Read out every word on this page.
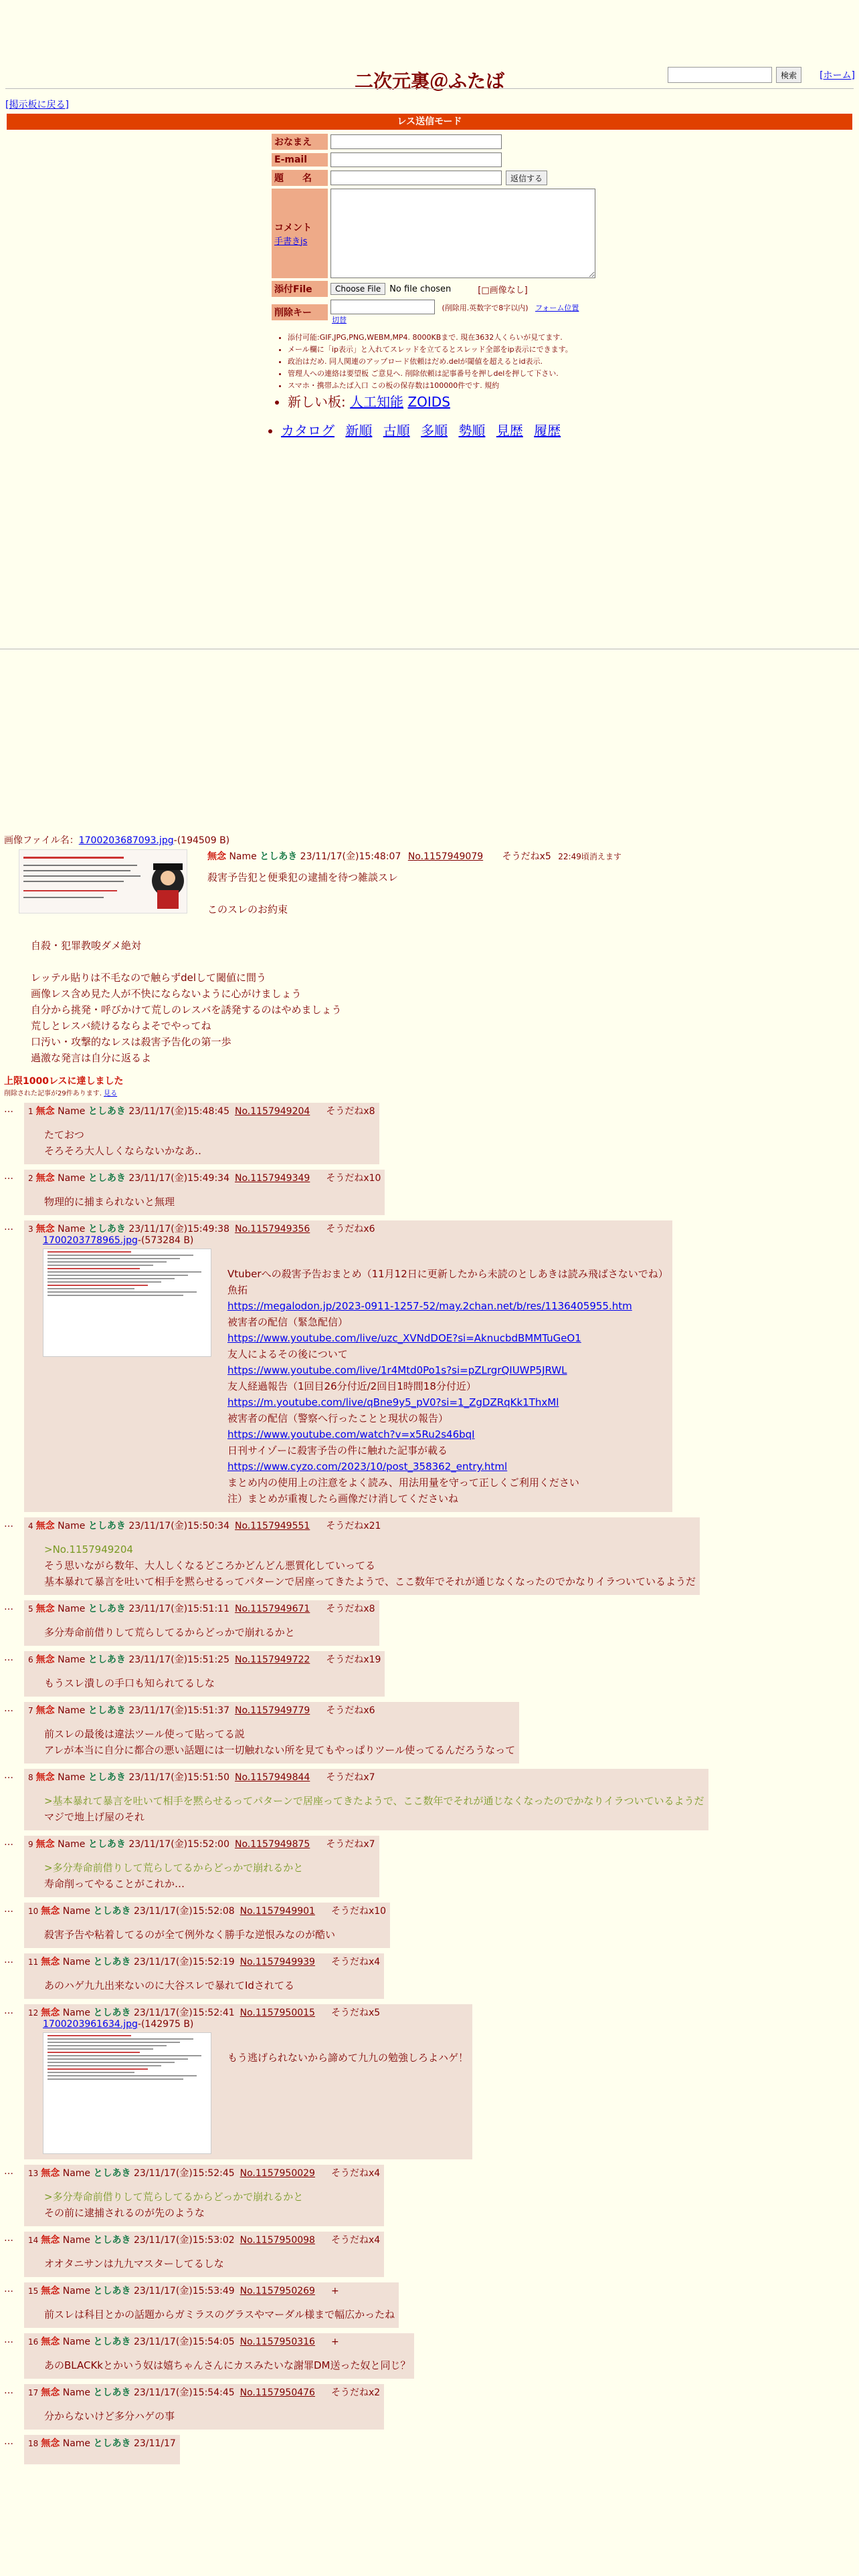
二次元裏＠ふたば	検索	[ホーム]
[掲示板に戻る]
レス送信モード
おなまえ
E-mail
題　　名	返信する
コメント
手書きjs
添付File	Choose File	No file chosen	[□画像なし]
削除キー	(削除用.英数字で8字以内) フォーム位置
切替
• 添付可能:GIF,JPG,PNG,WEBM,MP4. 8000KBまで. 現在3632人くらいが見てます.
• メール欄に「ip表示」と入れてスレッドを立てるとスレッド全部をip表示にできます。
• 政治はだめ. 同人関連のアップロード依頼はだめ.delが閾値を超えるとid表示.
• 管理人への連絡は要望板 ご意見へ. 削除依頼は記事番号を押しdelを押して下さい.
• スマホ・携帯ふたば入口 この板の保存数は100000件です. 規約
• 新しい板: 人工知能 ZOIDS
• カタログ 新順 古順 多順 勢順 見歴 履歴
画像ファイル名：1700203687093.jpg-(194509 B)
無念 Name としあき 23/11/17(金)15:48:07 No.1157949079 そうだねx5 22:49頃消えます
殺害予告犯と便乗犯の逮捕を待つ雑談スレ
このスレのお約束
自殺・犯罪教唆ダメ絶対
レッテル貼りは不毛なので触らずdelして閾値に間う
画像レス含め見た人が不快にならないように心がけましょう
自分から挑発・呼びかけて荒しのレスバを誘発するのはやめましょう
荒しとレスバ続けるならよそでやってね
口汚い・攻撃的なレスは殺害予告化の第一歩
過激な発言は自分に返るよ
上限1000レスに達しました
削除された記事が29件あります. 見る
…	1 無念 Name としあき 23/11/17(金)15:48:45 No.1157949204 そうだねx8
たておつ
そろそろ大人しくならないかなあ‥
…	2 無念 Name としあき 23/11/17(金)15:49:34 No.1157949349 そうだねx10
物理的に捕まられないと無理
…	3 無念 Name としあき 23/11/17(金)15:49:38 No.1157949356 そうだねx6
1700203778965.jpg-(573284 B)
Vtuberへの殺害予告おまとめ（11月12日に更新したから未読のとしあきは読み飛ばさないでね）
魚拓
https://megalodon.jp/2023-0911-1257-52/may.2chan.net/b/res/1136405955.htm
被害者の配信（緊急配信）
https://www.youtube.com/live/uzc_XVNdDOE?si=AknucbdBMMTuGeO1
友人によるその後について
https://www.youtube.com/live/1r4Mtd0Po1s?si=pZLrgrQIUWP5JRWL
友人経過報告（1回目26分付近/2回目1時間18分付近）
https://m.youtube.com/live/qBne9y5_pV0?si=1_ZgDZRqKk1ThxMl
被害者の配信（警察へ行ったことと現状の報告）
https://www.youtube.com/watch?v=x5Ru2s46bqI
日刊サイゾーに殺害予告の件に触れた記事が載る
https://www.cyzo.com/2023/10/post_358362_entry.html
まとめ内の使用上の注意をよく読み、用法用量を守って正しくご利用ください
注）まとめが重複したら画像だけ消してくださいね
…	4 無念 Name としあき 23/11/17(金)15:50:34 No.1157949551 そうだねx21
>No.1157949204
そう思いながら数年、大人しくなるどころかどんどん悪質化していってる
基本暴れて暴言を吐いて相手を黙らせるってパターンで居座ってきたようで、ここ数年でそれが通じなくなったのでかなりイラついているようだ
…	5 無念 Name としあき 23/11/17(金)15:51:11 No.1157949671 そうだねx8
多分寿命前借りして荒らしてるからどっかで崩れるかと
…	6 無念 Name としあき 23/11/17(金)15:51:25 No.1157949722 そうだねx19
もうスレ潰しの手口も知られてるしな
…	7 無念 Name としあき 23/11/17(金)15:51:37 No.1157949779 そうだねx6
前スレの最後は違法ツール使って貼ってる説
アレが本当に自分に都合の悪い話題には一切触れない所を見てもやっぱりツール使ってるんだろうなって
…	8 無念 Name としあき 23/11/17(金)15:51:50 No.1157949844 そうだねx7
>基本暴れて暴言を吐いて相手を黙らせるってパターンで居座ってきたようで、ここ数年でそれが通じなくなったのでかなりイラついているようだ
マジで地上げ屋のそれ
…	9 無念 Name としあき 23/11/17(金)15:52:00 No.1157949875 そうだねx7
>多分寿命前借りして荒らしてるからどっかで崩れるかと
寿命削ってやることがこれか…
…	10 無念 Name としあき 23/11/17(金)15:52:08 No.1157949901 そうだねx10
殺害予告や粘着してるのが全て例外なく勝手な逆恨みなのが酷い
…	11 無念 Name としあき 23/11/17(金)15:52:19 No.1157949939 そうだねx4
あのハゲ九九出来ないのに大谷スレで暴れてIdされてる
…	12 無念 Name としあき 23/11/17(金)15:52:41 No.1157950015 そうだねx5
1700203961634.jpg-(142975 B)
もう逃げられないから諦めて九九の勉強しろよハゲ！
…	13 無念 Name としあき 23/11/17(金)15:52:45 No.1157950029 そうだねx4
>多分寿命前借りして荒らしてるからどっかで崩れるかと
その前に逮捕されるのが先のような
…	14 無念 Name としあき 23/11/17(金)15:53:02 No.1157950098 そうだねx4
オオタニサンは九九マスターしてるしな
…	15 無念 Name としあき 23/11/17(金)15:53:49 No.1157950269 +
前スレは科目とかの話題からガミラスのグラスやマーダル様まで幅広かったね
…	16 無念 Name としあき 23/11/17(金)15:54:05 No.1157950316 +
あのBLACKkとかいう奴は嬉ちゃんさんにカスみたいな謝罪DM送った奴と同じ？
…	17 無念 Name としあき 23/11/17(金)15:54:45 No.1157950476 そうだねx2
分からないけど多分ハゲの事
…	18 無念 Name としあき 23/11/17
